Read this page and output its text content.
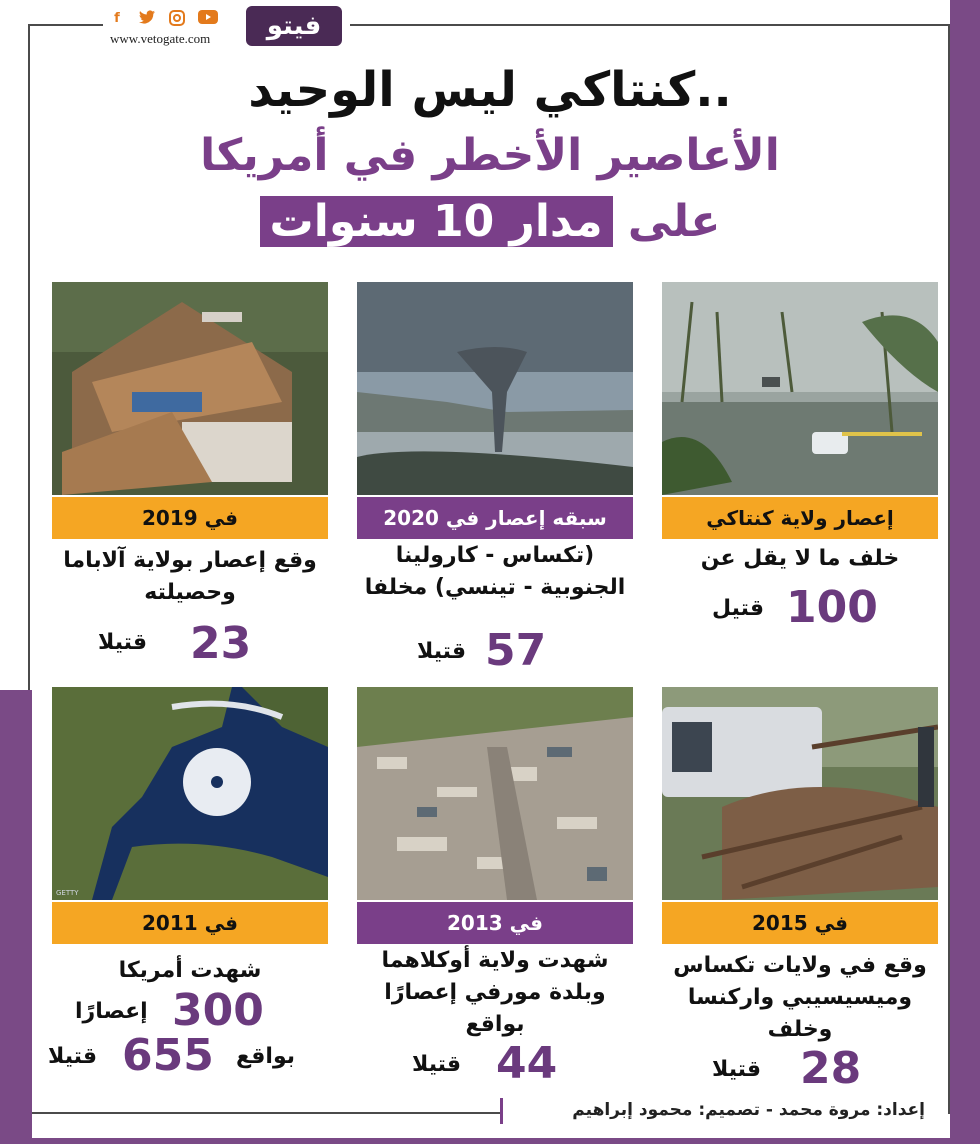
f
www.vetogate.com	فيتو
كنتاكي ليس الوحيد..
الأعاصير الأخطر في أمريكا
على مدار 10 سنوات
إعصار ولاية كنتاكي
سبقه إعصار في 2020
في 2019
خلف ما لا يقل عن
100
قتيل
(تكساس - كارولينا الجنوبية - تينسي) مخلفا
57
قتيلا
وقع إعصار بولاية آلاباما وحصيلته
23
قتيلا
GETTY
في 2015
في 2013
في 2011
وقع في ولايات تكساس وميسيسيبي واركنسا وخلف
28
قتيلا
شهدت ولاية أوكلاهما وبلدة مورفي إعصارًا بواقع
44
قتيلا
شهدت أمريكا
300
إعصارًا
بواقع
655
قتيلا
إعداد: مروة محمد - تصميم: محمود إبراهيم
